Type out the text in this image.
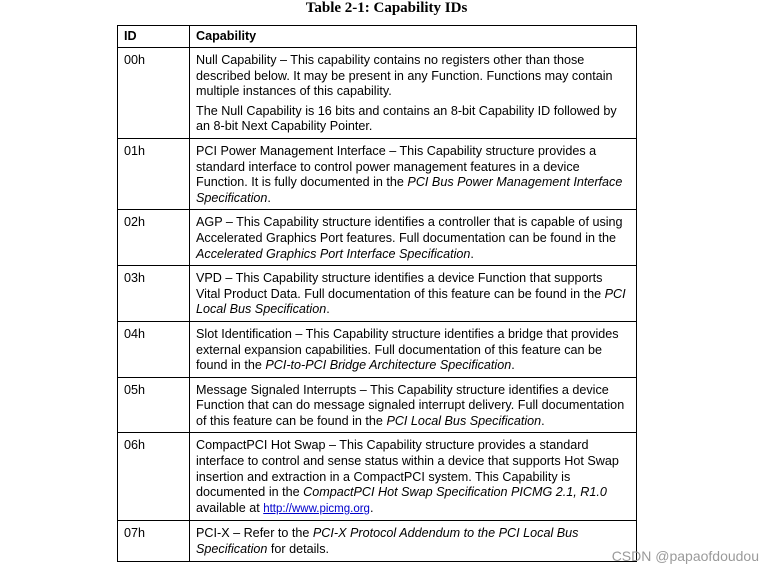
Table 2-1: Capability IDs
ID	Capability
00h	Null Capability – This capability contains no registers other than those described below. It may be present in any Function. Functions may contain multiple instances of this capability.

The Null Capability is 16 bits and contains an 8-bit Capability ID followed by an 8-bit Next Capability Pointer.

01h	PCI Power Management Interface – This Capability structure provides a standard interface to control power management features in a device Function. It is fully documented in the PCI Bus Power Management Interface Specification.

02h	AGP – This Capability structure identifies a controller that is capable of using Accelerated Graphics Port features. Full documentation can be found in the Accelerated Graphics Port Interface Specification.

03h	VPD – This Capability structure identifies a device Function that supports Vital Product Data. Full documentation of this feature can be found in the PCI Local Bus Specification.

04h	Slot Identification – This Capability structure identifies a bridge that provides external expansion capabilities. Full documentation of this feature can be found in the PCI-to-PCI Bridge Architecture Specification.

05h	Message Signaled Interrupts – This Capability structure identifies a device Function that can do message signaled interrupt delivery. Full documentation of this feature can be found in the PCI Local Bus Specification.

06h	CompactPCI Hot Swap – This Capability structure provides a standard interface to control and sense status within a device that supports Hot Swap insertion and extraction in a CompactPCI system. This Capability is documented in the CompactPCI Hot Swap Specification PICMG 2.1, R1.0 available at http://www.picmg.org.

07h	PCI-X – Refer to the PCI-X Protocol Addendum to the PCI Local Bus Specification for details.	CSDN @papaofdoudou
